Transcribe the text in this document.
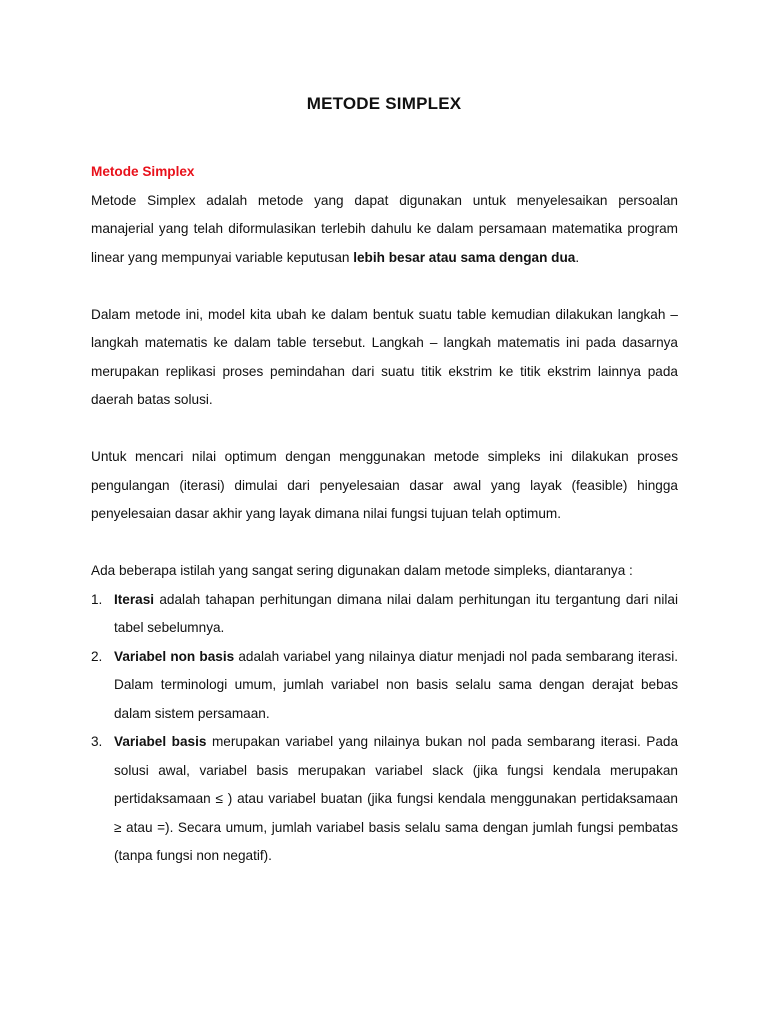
METODE SIMPLEX

Metode Simplex

Metode Simplex adalah metode yang dapat digunakan untuk menyelesaikan persoalan manajerial yang telah diformulasikan terlebih dahulu ke dalam persamaan matematika program linear yang mempunyai variable keputusan lebih besar atau sama dengan dua.

Dalam metode ini, model kita ubah ke dalam bentuk suatu table kemudian dilakukan langkah – langkah matematis ke dalam table tersebut. Langkah – langkah matematis ini pada dasarnya merupakan replikasi proses pemindahan dari suatu titik ekstrim ke titik ekstrim lainnya pada daerah batas solusi.

Untuk mencari nilai optimum dengan menggunakan metode simpleks ini dilakukan proses pengulangan (iterasi) dimulai dari penyelesaian dasar awal yang layak (feasible) hingga penyelesaian dasar akhir yang layak dimana nilai fungsi tujuan telah optimum.

Ada beberapa istilah yang sangat sering digunakan dalam metode simpleks, diantaranya :

1. Iterasi adalah tahapan perhitungan dimana nilai dalam perhitungan itu tergantung dari nilai tabel sebelumnya.
2. Variabel non basis adalah variabel yang nilainya diatur menjadi nol pada sembarang iterasi. Dalam terminologi umum, jumlah variabel non basis selalu sama dengan derajat bebas dalam sistem persamaan.
3. Variabel basis merupakan variabel yang nilainya bukan nol pada sembarang iterasi. Pada solusi awal, variabel basis merupakan variabel slack (jika fungsi kendala merupakan pertidaksamaan ≤ ) atau variabel buatan (jika fungsi kendala menggunakan pertidaksamaan ≥ atau =). Secara umum, jumlah variabel basis selalu sama dengan jumlah fungsi pembatas (tanpa fungsi non negatif).
